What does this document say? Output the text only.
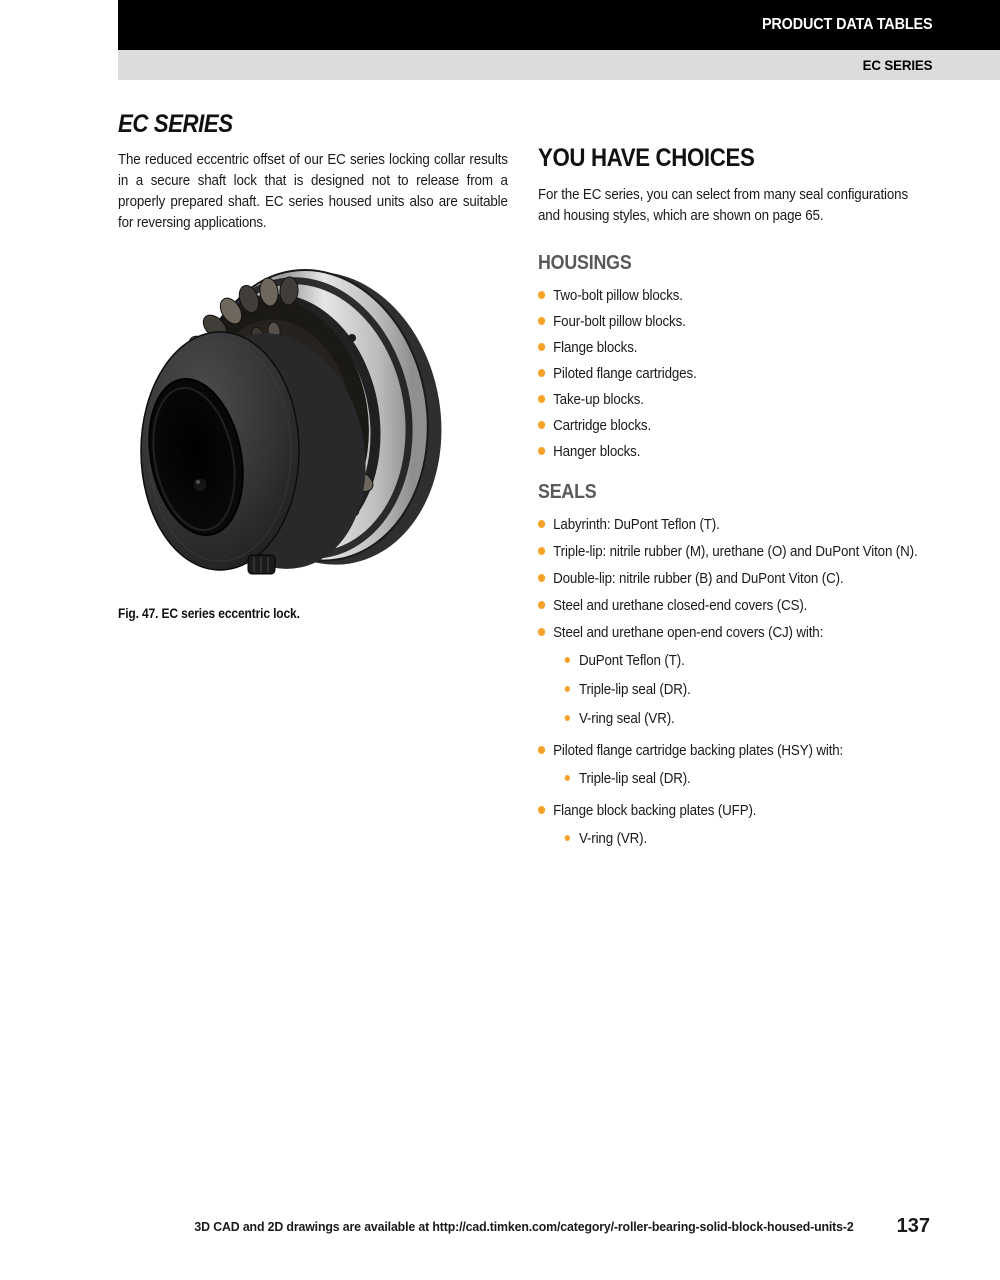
PRODUCT DATA TABLES
EC SERIES
EC SERIES

The reduced eccentric offset of our EC series locking collar results in a secure shaft lock that is designed not to release from a properly prepared shaft. EC series housed units also are suitable for reversing applications.

Fig. 47. EC series eccentric lock.
YOU HAVE CHOICES

For the EC series, you can select from many seal configurations and housing styles, which are shown on page 65.

HOUSINGS
Two-bolt pillow blocks.
Four-bolt pillow blocks.
Flange blocks.
Piloted flange cartridges.
Take-up blocks.
Cartridge blocks.
Hanger blocks.
SEALS
Labyrinth: DuPont Teflon (T).
Triple-lip: nitrile rubber (M), urethane (O) and DuPont Viton (N).
Double-lip: nitrile rubber (B) and DuPont Viton (C).
Steel and urethane closed-end covers (CS).
Steel and urethane open-end covers (CJ) with:
DuPont Teflon (T).
Triple-lip seal (DR).
V-ring seal (VR).
Piloted flange cartridge backing plates (HSY) with:
Triple-lip seal (DR).
Flange block backing plates (UFP).
V-ring (VR).
3D CAD and 2D drawings are available at http://cad.timken.com/category/-roller-bearing-solid-block-housed-units-2	137
